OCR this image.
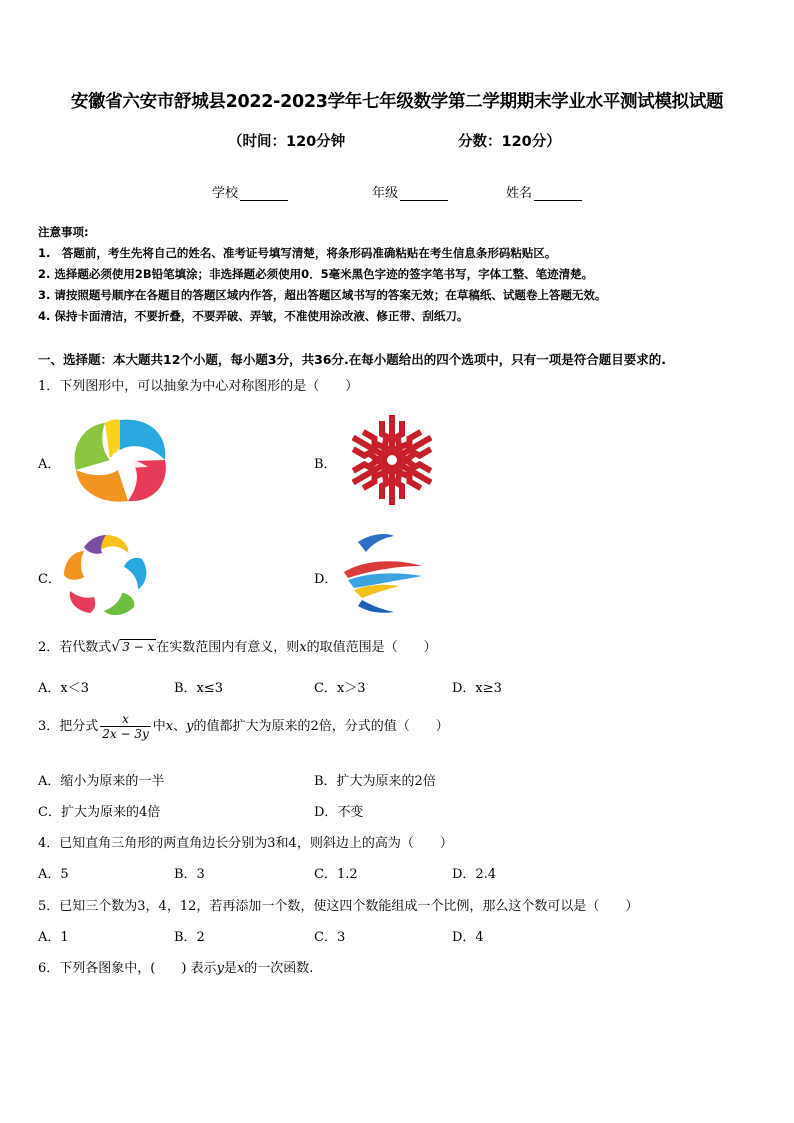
安徽省六安市舒城县2022-2023学年七年级数学第二学期期末学业水平测试模拟试题
（时间：120分钟	分数：120分）
学校	年级	姓名
注意事项:
1.　答题前，考生先将自己的姓名、准考证号填写清楚，将条形码准确粘贴在考生信息条形码粘贴区。
2. 选择题必须使用2B铅笔填涂；非选择题必须使用0．5毫米黑色字迹的签字笔书写，字体工整、笔迹清楚。
3. 请按照题号顺序在各题目的答题区域内作答，超出答题区域书写的答案无效；在草稿纸、试题卷上答题无效。
4. 保持卡面清洁，不要折叠，不要弄破、弄皱，不准使用涂改液、修正带、刮纸刀。
一、选择题：本大题共12个小题，每小题3分，共36分.在每小题给出的四个选项中，只有一项是符合题目要求的.
1．下列图形中，可以抽象为中心对称图形的是（　　）
A．	B．
C．	D．
2．若代数式√ 3 − x 在实数范围内有意义，则x的取值范围是（　　）
A．x＜3	B．x≤3	C．x＞3	D．x≥3
3．把分式 $\frac{x}{2x - 3y}$ 中x、y的值都扩大为原来的2倍，分式的值（　　）
A．缩小为原来的一半	B．扩大为原来的2倍
C．扩大为原来的4倍	D．不变
4．已知直角三角形的两直角边长分别为3和4，则斜边上的高为（　　）
A．5	B．3	C．1.2	D．2.4
5．已知三个数为3，4，12，若再添加一个数，使这四个数能组成一个比例，那么这个数可以是（　　）
A．1	B．2	C．3	D．4
6．下列各图象中，(　　) 表示y是x的一次函数.
